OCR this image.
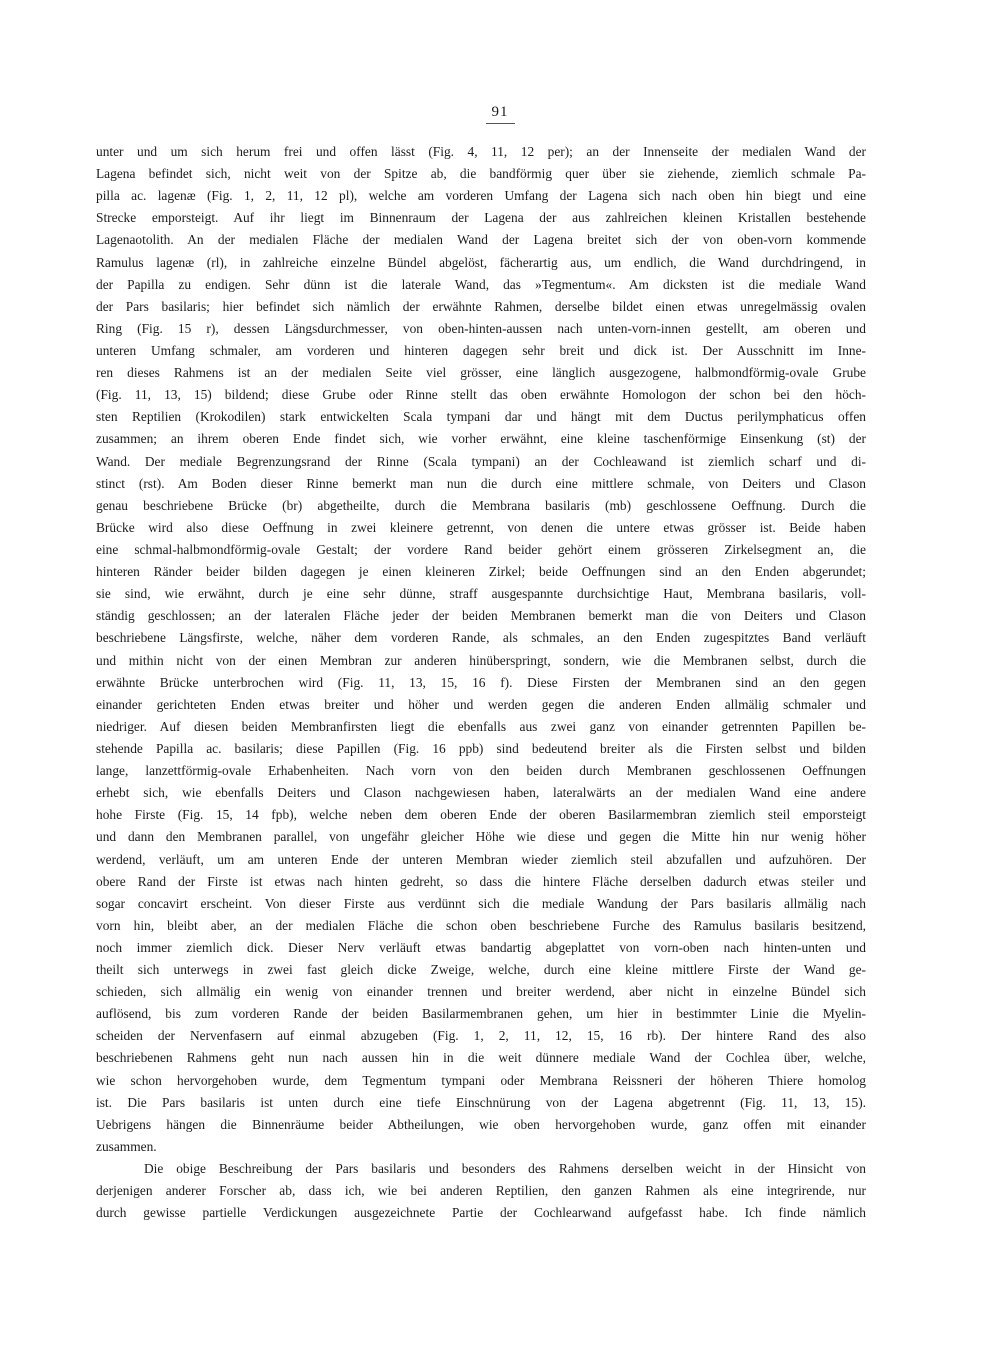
91
unter und um sich herum frei und offen lässt (Fig. 4, 11, 12 per); an der Innenseite der medialen Wand der
Lagena befindet sich, nicht weit von der Spitze ab, die bandförmig quer über sie ziehende, ziemlich schmale Pa-
pilla ac. lagenæ (Fig. 1, 2, 11, 12 pl), welche am vorderen Umfang der Lagena sich nach oben hin biegt und eine
Strecke emporsteigt. Auf ihr liegt im Binnenraum der Lagena der aus zahlreichen kleinen Kristallen bestehende
Lagenaotolith. An der medialen Fläche der medialen Wand der Lagena breitet sich der von oben-vorn kommende
Ramulus lagenæ (rl), in zahlreiche einzelne Bündel abgelöst, fächerartig aus, um endlich, die Wand durchdringend, in
der Papilla zu endigen. Sehr dünn ist die laterale Wand, das »Tegmentum«. Am dicksten ist die mediale Wand
der Pars basilaris; hier befindet sich nämlich der erwähnte Rahmen, derselbe bildet einen etwas unregelmässig ovalen
Ring (Fig. 15 r), dessen Längsdurchmesser, von oben-hinten-aussen nach unten-vorn-innen gestellt, am oberen und
unteren Umfang schmaler, am vorderen und hinteren dagegen sehr breit und dick ist. Der Ausschnitt im Inne-
ren dieses Rahmens ist an der medialen Seite viel grösser, eine länglich ausgezogene, halbmondförmig-ovale Grube
(Fig. 11, 13, 15) bildend; diese Grube oder Rinne stellt das oben erwähnte Homologon der schon bei den höch-
sten Reptilien (Krokodilen) stark entwickelten Scala tympani dar und hängt mit dem Ductus perilymphaticus offen
zusammen; an ihrem oberen Ende findet sich, wie vorher erwähnt, eine kleine taschenförmige Einsenkung (st) der
Wand. Der mediale Begrenzungsrand der Rinne (Scala tympani) an der Cochleawand ist ziemlich scharf und di-
stinct (rst). Am Boden dieser Rinne bemerkt man nun die durch eine mittlere schmale, von Deiters und Clason
genau beschriebene Brücke (br) abgetheilte, durch die Membrana basilaris (mb) geschlossene Oeffnung. Durch die
Brücke wird also diese Oeffnung in zwei kleinere getrennt, von denen die untere etwas grösser ist. Beide haben
eine schmal-halbmondförmig-ovale Gestalt; der vordere Rand beider gehört einem grösseren Zirkelsegment an, die
hinteren Ränder beider bilden dagegen je einen kleineren Zirkel; beide Oeffnungen sind an den Enden abgerundet;
sie sind, wie erwähnt, durch je eine sehr dünne, straff ausgespannte durchsichtige Haut, Membrana basilaris, voll-
ständig geschlossen; an der lateralen Fläche jeder der beiden Membranen bemerkt man die von Deiters und Clason
beschriebene Längsfirste, welche, näher dem vorderen Rande, als schmales, an den Enden zugespitztes Band verläuft
und mithin nicht von der einen Membran zur anderen hinüberspringt, sondern, wie die Membranen selbst, durch die
erwähnte Brücke unterbrochen wird (Fig. 11, 13, 15, 16 f). Diese Firsten der Membranen sind an den gegen
einander gerichteten Enden etwas breiter und höher und werden gegen die anderen Enden allmälig schmaler und
niedriger. Auf diesen beiden Membranfirsten liegt die ebenfalls aus zwei ganz von einander getrennten Papillen be-
stehende Papilla ac. basilaris; diese Papillen (Fig. 16 ppb) sind bedeutend breiter als die Firsten selbst und bilden
lange, lanzettförmig-ovale Erhabenheiten. Nach vorn von den beiden durch Membranen geschlossenen Oeffnungen
erhebt sich, wie ebenfalls Deiters und Clason nachgewiesen haben, lateralwärts an der medialen Wand eine andere
hohe Firste (Fig. 15, 14 fpb), welche neben dem oberen Ende der oberen Basilarmembran ziemlich steil emporsteigt
und dann den Membranen parallel, von ungefähr gleicher Höhe wie diese und gegen die Mitte hin nur wenig höher
werdend, verläuft, um am unteren Ende der unteren Membran wieder ziemlich steil abzufallen und aufzuhören. Der
obere Rand der Firste ist etwas nach hinten gedreht, so dass die hintere Fläche derselben dadurch etwas steiler und
sogar concavirt erscheint. Von dieser Firste aus verdünnt sich die mediale Wandung der Pars basilaris allmälig nach
vorn hin, bleibt aber, an der medialen Fläche die schon oben beschriebene Furche des Ramulus basilaris besitzend,
noch immer ziemlich dick. Dieser Nerv verläuft etwas bandartig abgeplattet von vorn-oben nach hinten-unten und
theilt sich unterwegs in zwei fast gleich dicke Zweige, welche, durch eine kleine mittlere Firste der Wand ge-
schieden, sich allmälig ein wenig von einander trennen und breiter werdend, aber nicht in einzelne Bündel sich
auflösend, bis zum vorderen Rande der beiden Basilarmembranen gehen, um hier in bestimmter Linie die Myelin-
scheiden der Nervenfasern auf einmal abzugeben (Fig. 1, 2, 11, 12, 15, 16 rb). Der hintere Rand des also
beschriebenen Rahmens geht nun nach aussen hin in die weit dünnere mediale Wand der Cochlea über, welche,
wie schon hervorgehoben wurde, dem Tegmentum tympani oder Membrana Reissneri der höheren Thiere homolog
ist. Die Pars basilaris ist unten durch eine tiefe Einschnürung von der Lagena abgetrennt (Fig. 11, 13, 15).
Uebrigens hängen die Binnenräume beider Abtheilungen, wie oben hervorgehoben wurde, ganz offen mit einander
zusammen.
Die obige Beschreibung der Pars basilaris und besonders des Rahmens derselben weicht in der Hinsicht von
derjenigen anderer Forscher ab, dass ich, wie bei anderen Reptilien, den ganzen Rahmen als eine integrirende, nur
durch gewisse partielle Verdickungen ausgezeichnete Partie der Cochlearwand aufgefasst habe. Ich finde nämlich
